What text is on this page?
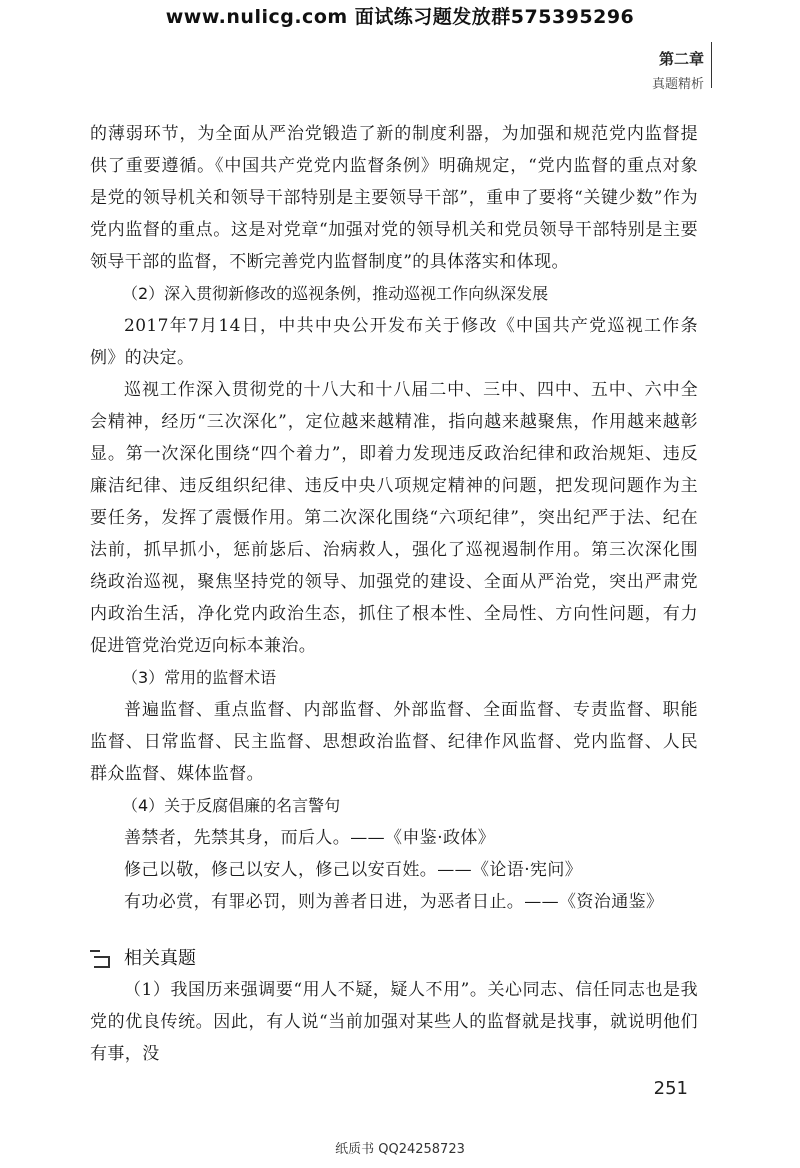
www.nulicg.com 面试练习题发放群575395296
第二章
真题精析

的薄弱环节，为全面从严治党锻造了新的制度利器，为加强和规范党内监督提供了重要遵循。《中国共产党党内监督条例》明确规定，“党内监督的重点对象是党的领导机关和领导干部特别是主要领导干部”，重申了要将“关键少数”作为党内监督的重点。这是对党章“加强对党的领导机关和党员领导干部特别是主要领导干部的监督，不断完善党内监督制度”的具体落实和体现。

（2）深入贯彻新修改的巡视条例，推动巡视工作向纵深发展

2017年7月14日，中共中央公开发布关于修改《中国共产党巡视工作条例》的决定。

巡视工作深入贯彻党的十八大和十八届二中、三中、四中、五中、六中全会精神，经历“三次深化”，定位越来越精准，指向越来越聚焦，作用越来越彰显。第一次深化围绕“四个着力”，即着力发现违反政治纪律和政治规矩、违反廉洁纪律、违反组织纪律、违反中央八项规定精神的问题，把发现问题作为主要任务，发挥了震慑作用。第二次深化围绕“六项纪律”，突出纪严于法、纪在法前，抓早抓小，惩前毖后、治病救人，强化了巡视遏制作用。第三次深化围绕政治巡视，聚焦坚持党的领导、加强党的建设、全面从严治党，突出严肃党内政治生活，净化党内政治生态，抓住了根本性、全局性、方向性问题，有力促进管党治党迈向标本兼治。

（3）常用的监督术语

普遍监督、重点监督、内部监督、外部监督、全面监督、专责监督、职能监督、日常监督、民主监督、思想政治监督、纪律作风监督、党内监督、人民群众监督、媒体监督。

（4）关于反腐倡廉的名言警句

善禁者，先禁其身，而后人。——《申鉴·政体》

修己以敬，修己以安人，修己以安百姓。——《论语·宪问》

有功必赏，有罪必罚，则为善者日进，为恶者日止。——《资治通鉴》

相关真题

（1）我国历来强调要“用人不疑，疑人不用”。关心同志、信任同志也是我党的优良传统。因此，有人说“当前加强对某些人的监督就是找事，就说明他们有事，没

251
纸质书 QQ24258723
